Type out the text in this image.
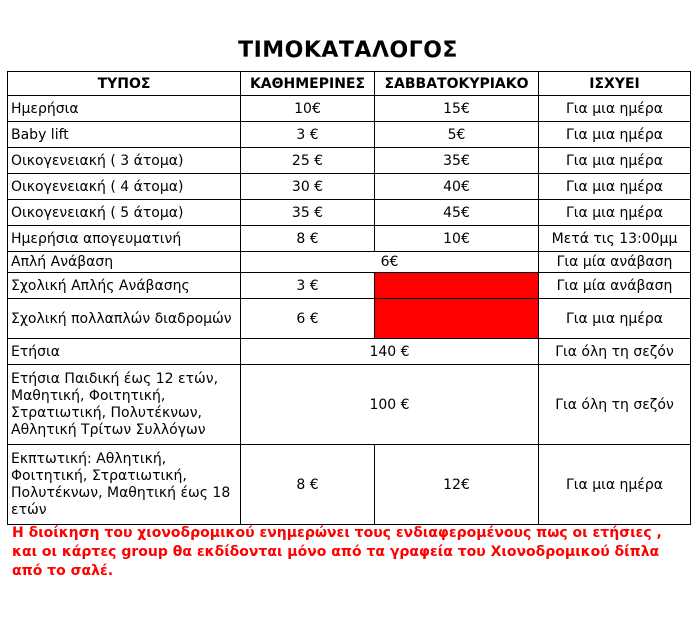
ΤΙΜΟΚΑΤΑΛΟΓΟΣ
ΤΥΠΟΣ	ΚΑΘΗΜΕΡΙΝΕΣ	ΣΑΒΒΑΤΟΚΥΡΙΑΚΟ	ΙΣΧΥΕΙ
Ημερήσια	10€	15€	Για μια ημέρα
Baby lift	3 €	5€	Για μια ημέρα
Οικογενειακή ( 3 άτομα)	25 €	35€	Για μια ημέρα
Οικογενειακή ( 4 άτομα)	30 €	40€	Για μια ημέρα
Οικογενειακή ( 5 άτομα)	35 €	45€	Για μια ημέρα
Ημερήσια απογευματινή	8 €	10€	Μετά τις 13:00μμ
Απλή Ανάβαση	6€		Για μία ανάβαση
Σχολική Απλής Ανάβασης	3 €		Για μία ανάβαση
Σχολική πολλαπλών διαδρομών	6 €		Για μια ημέρα
Ετήσια	140 €		Για όλη τη σεζόν
Ετήσια Παιδική έως 12 ετών, Μαθητική, Φοιτητική, Στρατιωτική, Πολυτέκνων, Αθλητική Τρίτων Συλλόγων	100 €		Για όλη τη σεζόν
Εκπτωτική: Αθλητική, Φοιτητική, Στρατιωτική, Πολυτέκνων, Μαθητική έως 18 ετών	8 €	12€	Για μια ημέρα
Η διοίκηση του χιονοδρομικού ενημερώνει τους ενδιαφερομένους πως οι ετήσιες , και οι κάρτες group θα εκδίδονται μόνο από τα γραφεία του Χιονοδρομικού δίπλα από το σαλέ.
